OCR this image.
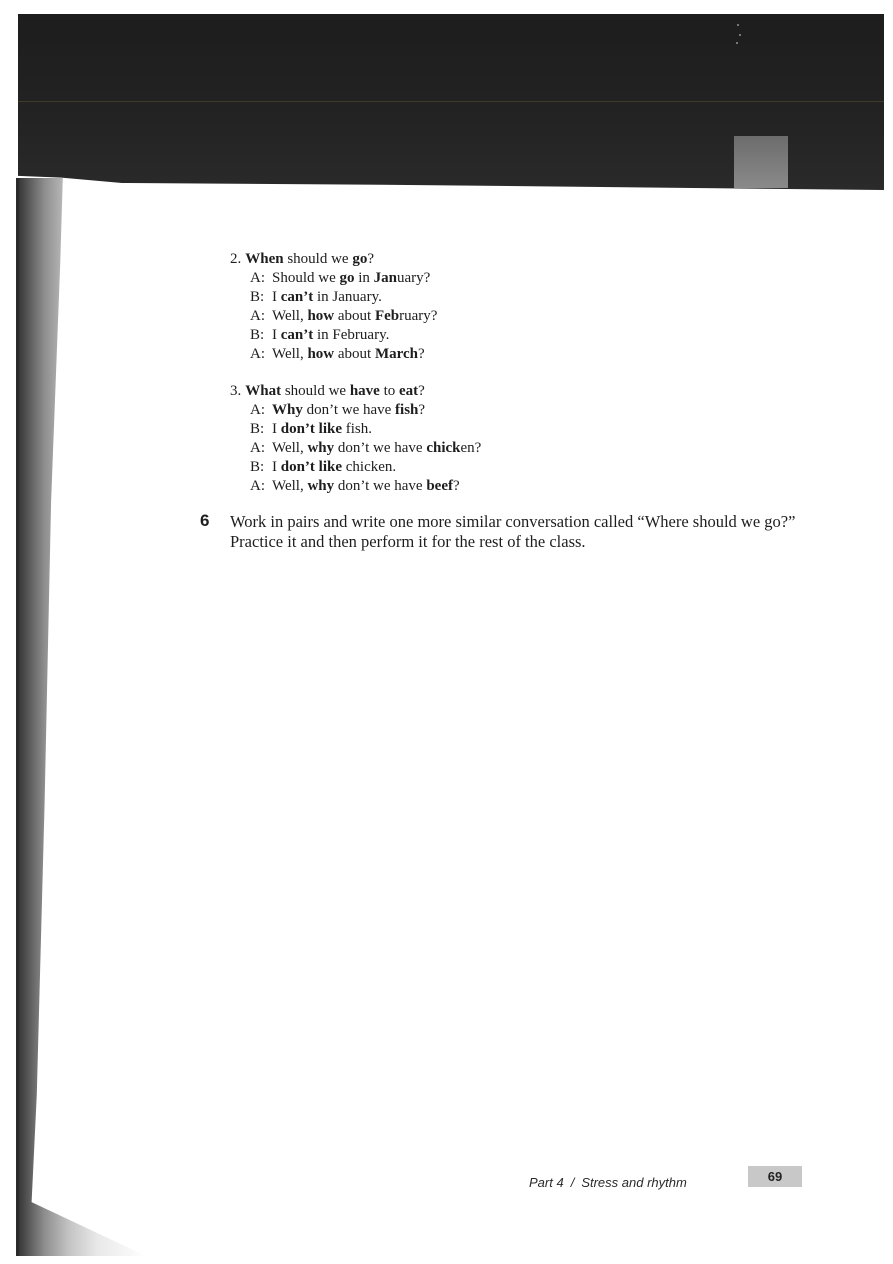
2. When should we go?
A: Should we go in January?
B: I can’t in January.
A: Well, how about February?
B: I can’t in February.
A: Well, how about March?
3. What should we have to eat?
A: Why don’t we have fish?
B: I don’t like fish.
A: Well, why don’t we have chicken?
B: I don’t like chicken.
A: Well, why don’t we have beef?
6 Work in pairs and write one more similar conversation called “Where should we go?” Practice it and then perform it for the rest of the class.
Part 4 / Stress and rhythm	69
